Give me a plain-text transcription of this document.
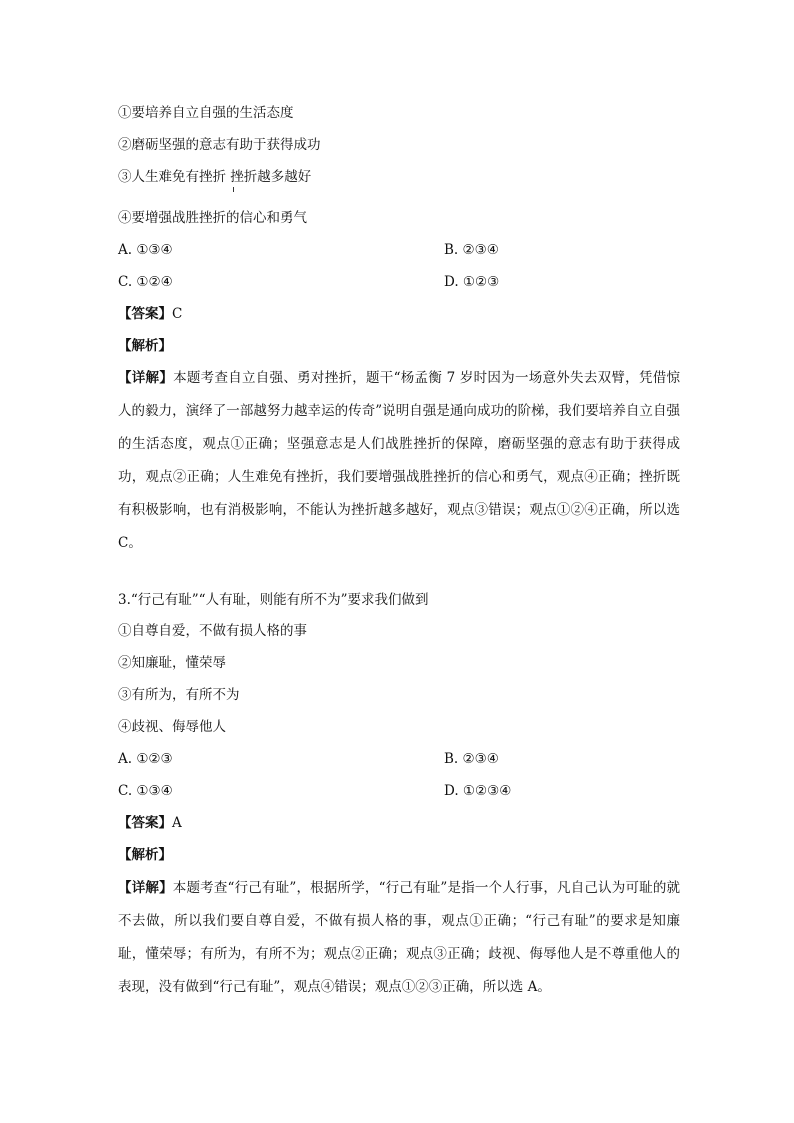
①要培养自立自强的生活态度
②磨砺坚强的意志有助于获得成功
③人生难免有挫折 挫折越多越好
④要增强战胜挫折的信心和勇气
A. ①③④	B. ②③④
C. ①②④	D. ①②③
【答案】C
【解析】

【详解】本题考查自立自强、勇对挫折，题干“杨孟衡 7 岁时因为一场意外失去双臂，凭借惊人的毅力，演绎了一部越努力越幸运的传奇”说明自强是通向成功的阶梯，我们要培养自立自强的生活态度，观点①正确；坚强意志是人们战胜挫折的保障，磨砺坚强的意志有助于获得成功，观点②正确；人生难免有挫折，我们要增强战胜挫折的信心和勇气，观点④正确；挫折既有积极影响，也有消极影响，不能认为挫折越多越好，观点③错误；观点①②④正确，所以选 C。

3.“行己有耻”“人有耻，则能有所不为”要求我们做到
①自尊自爱，不做有损人格的事
②知廉耻，懂荣辱
③有所为，有所不为
④歧视、侮辱他人
A. ①②③	B. ②③④
C. ①③④	D. ①②③④
【答案】A
【解析】

【详解】本题考查“行己有耻”，根据所学，“行己有耻”是指一个人行事，凡自己认为可耻的就不去做，所以我们要自尊自爱，不做有损人格的事，观点①正确；“行己有耻”的要求是知廉耻，懂荣辱；有所为，有所不为；观点②正确；观点③正确；歧视、侮辱他人是不尊重他人的表现，没有做到“行己有耻”，观点④错误；观点①②③正确，所以选 A。
